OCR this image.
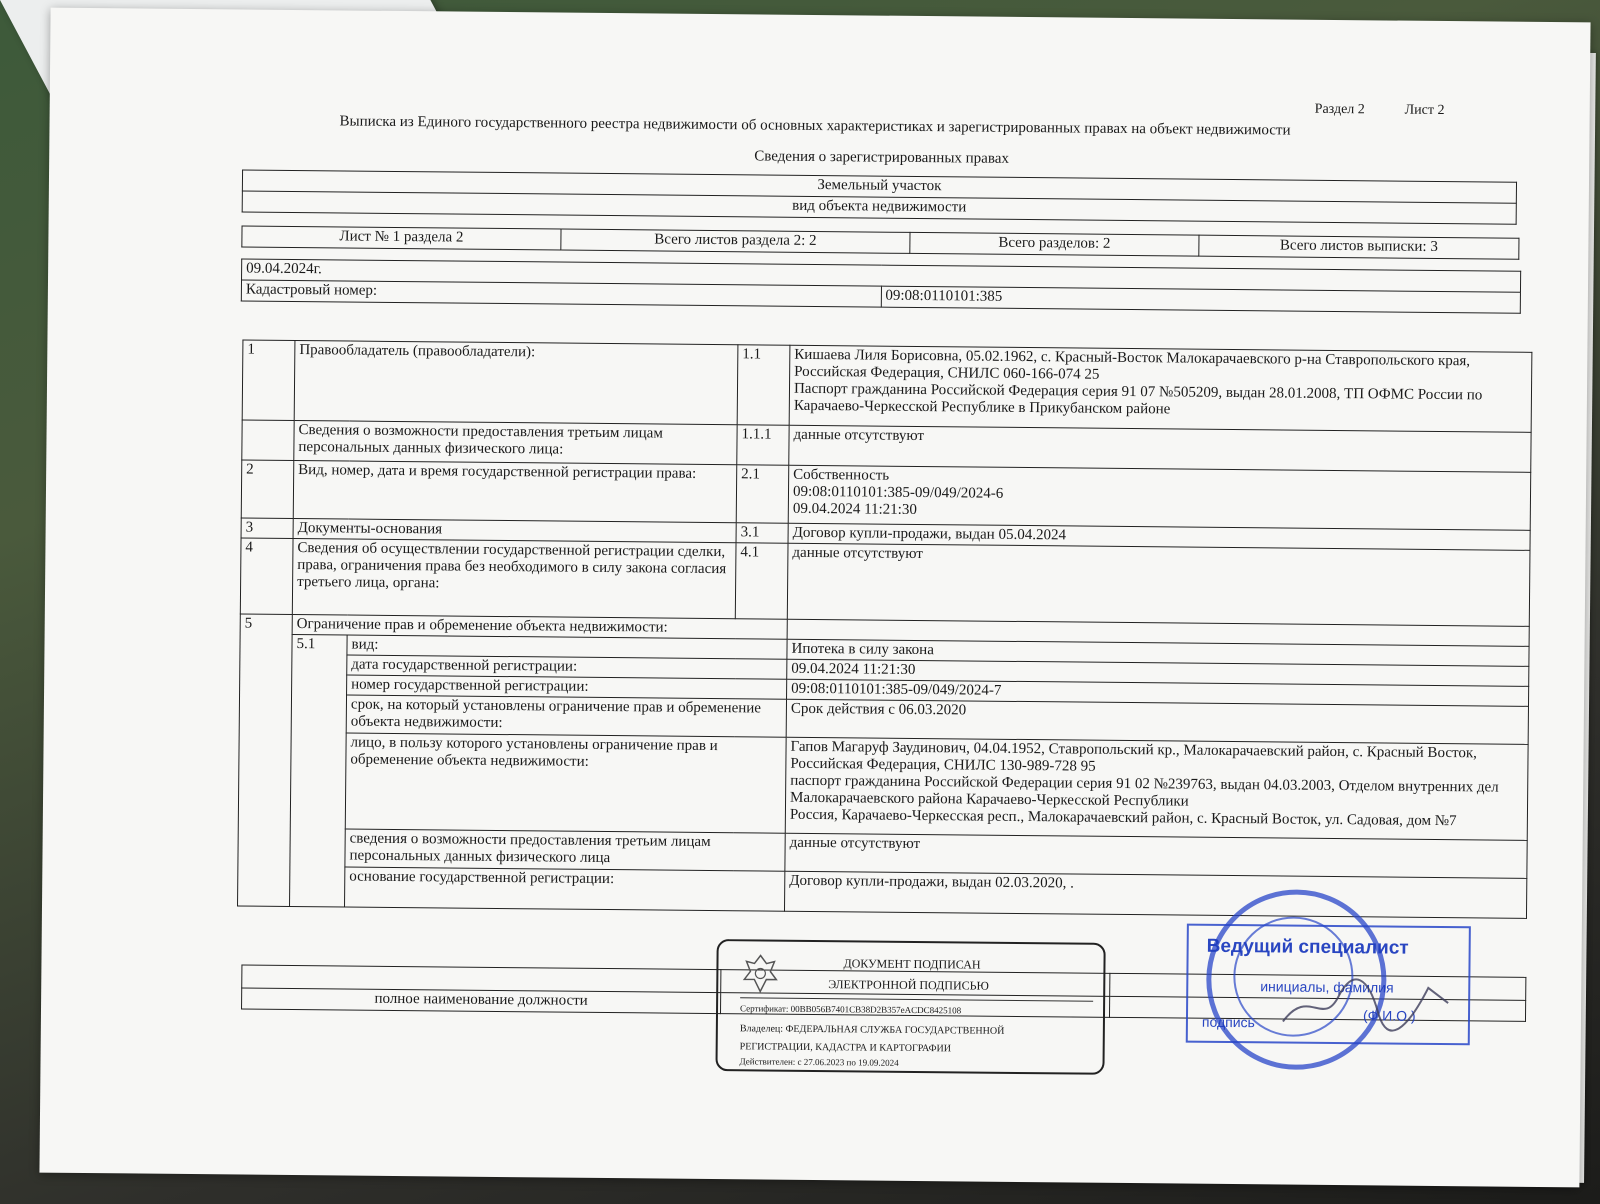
Раздел 2	Лист 2
Выписка из Единого государственного реестра недвижимости об основных характеристиках и зарегистрированных правах на объект недвижимости
Сведения о зарегистрированных правах
Земельный участок
вид объекта недвижимости
Лист № 1 раздела 2	Всего листов раздела 2: 2	Всего разделов: 2	Всего листов выписки: 3
09.04.2024г.
Кадастровый номер:	09:08:0110101:385
1	Правообладатель (правообладатели):		1.1	Кишаева Лиля Борисовна, 05.02.1962, с. Красный-Восток Малокарачаевского р-на Ставропольского края, Российская Федерация, СНИЛС 060-166-074 25
Паспорт гражданина Российской Федерация серия 91 07 №505209, выдан 28.01.2008, ТП ОФМС России по Карачаево-Черкесской Республике в Прикубанском районе

	Сведения о возможности предоставления третьим лицам персональных данных физического лица:		1.1.1	данные отсутствуют
2	Вид, номер, дата и время государственной регистрации права:		2.1	Собственность
09:08:0110101:385-09/049/2024-6
09.04.2024 11:21:30

3	Документы-основания		3.1	Договор купли-продажи, выдан 05.04.2024
4	Сведения об осуществлении государственной регистрации сделки, права, ограничения права без необходимого в силу закона согласия третьего лица, органа:		4.1	данные отсутствуют
5	Ограничение прав и обременение объекта недвижимости:			
	5.1	вид:		Ипотека в силу закона
		дата государственной регистрации:		09.04.2024 11:21:30
		номер государственной регистрации:		09:08:0110101:385-09/049/2024-7
		срок, на который установлены ограничение прав и обременение объекта недвижимости:		Срок действия с 06.03.2020
		лицо, в пользу которого установлены ограничение прав и обременение объекта недвижимости:		Гапов Магаруф Заудинович, 04.04.1952, Ставропольский кр., Малокарачаевский район, с. Красный Восток, Российская Федерация, СНИЛС 130-989-728 95
паспорт гражданина Российской Федерации серия 91 02 №239763, выдан 04.03.2003, Отделом внутренних дел Малокарачаевского района Карачаево-Черкесской Республики
Россия, Карачаево-Черкесская респ., Малокарачаевский район, с. Красный Восток, ул. Садовая, дом №7

		сведения о возможности предоставления третьим лицам персональных данных физического лица		данные отсутствуют
		основание государственной регистрации:		Договор купли-продажи, выдан 02.03.2020, .

полное наименование должности		
ДОКУМЕНТ ПОДПИСАН
ЭЛЕКТРОННОЙ ПОДПИСЬЮ
Сертификат: 00BB056B7401CB38D2B357eACDC8425108
Владелец: ФЕДЕРАЛЬНАЯ СЛУЖБА ГОСУДАРСТВЕННОЙ
РЕГИСТРАЦИИ, КАДАСТРА И КАРТОГРАФИИ
Действителен: с 27.06.2023 по 19.09.2024
Ведущий специалист
инициалы, фамилия
подпись	(Ф.И.О.)
